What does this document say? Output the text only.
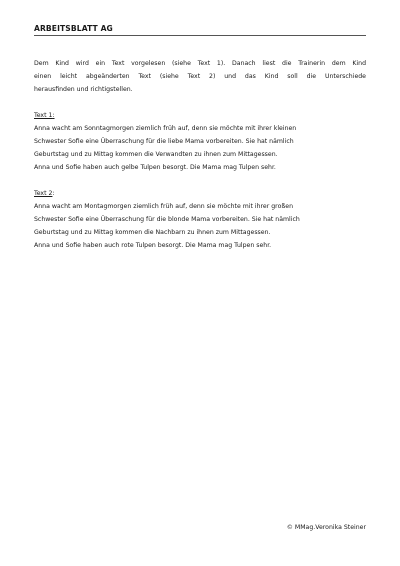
ARBEITSBLATT AG

Dem Kind wird ein Text vorgelesen (siehe Text 1). Danach liest die Trainerin dem Kind
einen leicht abgeänderten Text (siehe Text 2) und das Kind soll die Unterschiede
herausfinden und richtigstellen.

Text 1:
Anna wacht am Sonntagmorgen ziemlich früh auf, denn sie möchte mit ihrer kleinen
Schwester Sofie eine Überraschung für die liebe Mama vorbereiten. Sie hat nämlich
Geburtstag und zu Mittag kommen die Verwandten zu ihnen zum Mittagessen.
Anna und Sofie haben auch gelbe Tulpen besorgt. Die Mama mag Tulpen sehr.
Text 2:
Anna wacht am Montagmorgen ziemlich früh auf, denn sie möchte mit ihrer großen
Schwester Sofie eine Überraschung für die blonde Mama vorbereiten. Sie hat nämlich
Geburtstag und zu Mittag kommen die Nachbarn zu ihnen zum Mittagessen.
Anna und Sofie haben auch rote Tulpen besorgt. Die Mama mag Tulpen sehr.
© MMag.Veronika Steiner
